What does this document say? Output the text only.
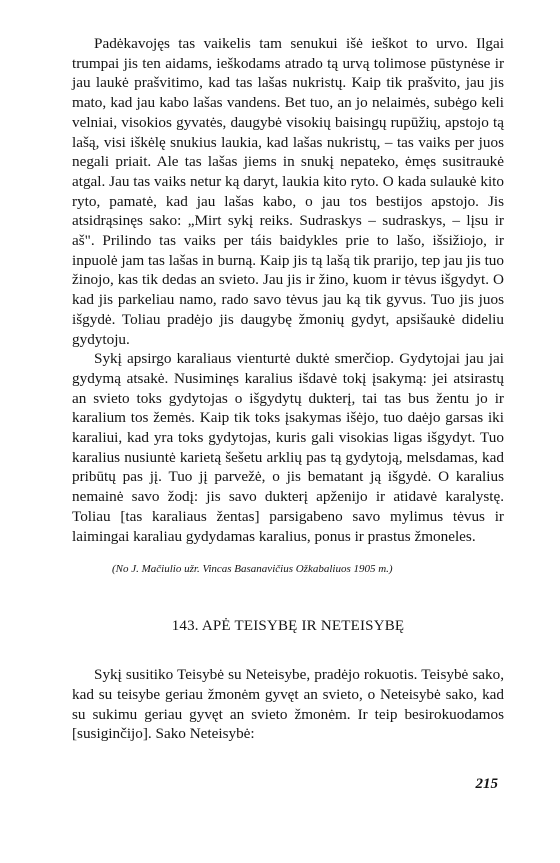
Padėkavojęs tas vaikelis tam senukui išė ieškot to urvo. Ilgai trumpai jis ten aidams, ieškodams atrado tą urvą tolimose pūstynėse ir jau laukė prašvitimo, kad tas lašas nukristų. Kaip tik prašvito, jau jis mato, kad jau kabo lašas vandens. Bet tuo, an jo nelaimės, subėgo keli velniai, visokios gyvatės, daugybė visokių baisingų rupūžių, apstojo tą lašą, visi iškėlę snukius laukia, kad lašas nukristų, – tas vaiks per juos negali priait. Ale tas lašas jiems in snukį nepateko, ėmęs susitraukė atgal. Jau tas vaiks netur ką daryt, laukia kito ryto. O kada sulaukė kito ryto, pamatė, kad jau lašas kabo, o jau tos bestijos apstojo. Jis atsidrąsinęs sako: „Mirt sykį reiks. Sudraskys – sudraskys, – lįsu ir aš". Prilindo tas vaiks per táis baidykles prie to lašo, išsižiojo, ir inpuolė jam tas lašas in burną. Kaip jis tą lašą tik prarijo, tep jau jis tuo žinojo, kas tik dedas an svieto. Jau jis ir žino, kuom ir tėvus išgydyt. O kad jis parkeliau namo, rado savo tėvus jau ką tik gyvus. Tuo jis juos išgydė. Toliau pradėjo jis daugybę žmonių gydyt, apsišaukė dideliu gydytoju.

Sykį apsirgo karaliaus vienturtė duktė smerčiop. Gydytojai jau jai gydymą atsakė. Nusiminęs karalius išdavė tokį įsakymą: jei atsirastų an svieto toks gydytojas o išgydytų dukterį, tai tas bus žentu jo ir karalium tos žemės. Kaip tik toks įsakymas išėjo, tuo daėjo garsas iki karaliui, kad yra toks gydytojas, kuris gali visokias ligas išgydyt. Tuo karalius nusiuntė karietą šešetu arklių pas tą gydytoją, melsdamas, kad pribūtų pas jį. Tuo jį parvežė, o jis bematant ją išgydė. O karalius nemainė savo žodį: jis savo dukterį apženijo ir atidavė karalystę. Toliau [tas karaliaus žentas] parsigabeno savo mylimus tėvus ir laimingai karaliau gydydamas karalius, ponus ir prastus žmoneles.

(No J. Mačiulio užr. Vincas Basanavičius Ožkabaliuos 1905 m.)

143. APĖ TEISYBĘ IR NETEISYBĘ

Sykį susitiko Teisybė su Neteisybe, pradėjo rokuotis. Teisybė sako, kad su teisybe geriau žmonėm gyvęt an svieto, o Neteisybė sako, kad su sukimu geriau gyvęt an svieto žmonėm. Ir teip besirokuodamos [susiginčijo]. Sako Neteisybė:

215
